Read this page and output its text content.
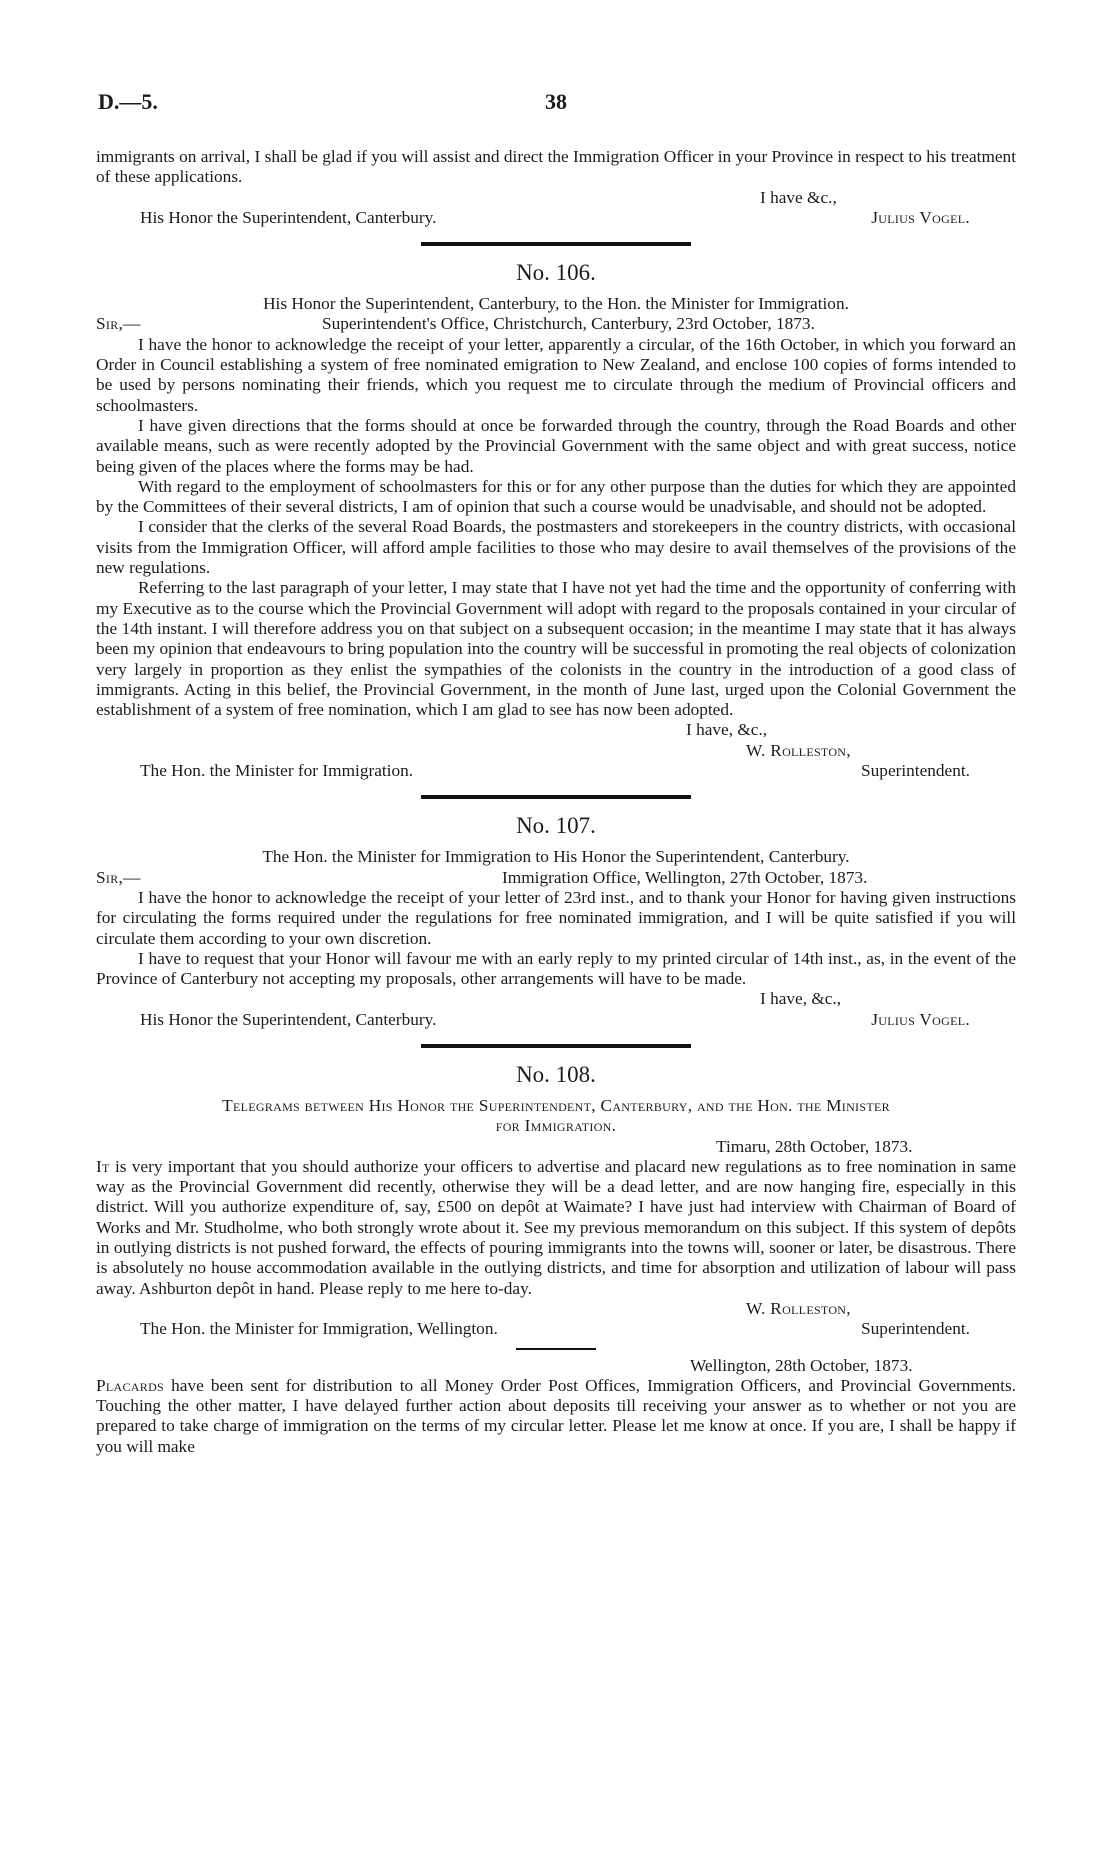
D.—5.	38

immigrants on arrival, I shall be glad if you will assist and direct the Immigration Officer in your Province in respect to his treatment of these applications.

I have &c.,
His Honor the Superintendent, Canterbury.	Julius Vogel.
No. 106.
His Honor the Superintendent, Canterbury, to the Hon. the Minister for Immigration.
Sir,—	Superintendent's Office, Christchurch, Canterbury, 23rd October, 1873.

I have the honor to acknowledge the receipt of your letter, apparently a circular, of the 16th October, in which you forward an Order in Council establishing a system of free nominated emigration to New Zealand, and enclose 100 copies of forms intended to be used by persons nominating their friends, which you request me to circulate through the medium of Provincial officers and schoolmasters.

I have given directions that the forms should at once be forwarded through the country, through the Road Boards and other available means, such as were recently adopted by the Provincial Government with the same object and with great success, notice being given of the places where the forms may be had.

With regard to the employment of schoolmasters for this or for any other purpose than the duties for which they are appointed by the Committees of their several districts, I am of opinion that such a course would be unadvisable, and should not be adopted.

I consider that the clerks of the several Road Boards, the postmasters and storekeepers in the country districts, with occasional visits from the Immigration Officer, will afford ample facilities to those who may desire to avail themselves of the provisions of the new regulations.

Referring to the last paragraph of your letter, I may state that I have not yet had the time and the opportunity of conferring with my Executive as to the course which the Provincial Government will adopt with regard to the proposals contained in your circular of the 14th instant. I will therefore address you on that subject on a subsequent occasion; in the meantime I may state that it has always been my opinion that endeavours to bring population into the country will be successful in promoting the real objects of colonization very largely in proportion as they enlist the sympathies of the colonists in the country in the introduction of a good class of immigrants. Acting in this belief, the Provincial Government, in the month of June last, urged upon the Colonial Government the establishment of a system of free nomination, which I am glad to see has now been adopted.

I have, &c.,
W. Rolleston,
The Hon. the Minister for Immigration.	Superintendent.
No. 107.
The Hon. the Minister for Immigration to His Honor the Superintendent, Canterbury.
Sir,—	Immigration Office, Wellington, 27th October, 1873.

I have the honor to acknowledge the receipt of your letter of 23rd inst., and to thank your Honor for having given instructions for circulating the forms required under the regulations for free nominated immigration, and I will be quite satisfied if you will circulate them according to your own discretion.

I have to request that your Honor will favour me with an early reply to my printed circular of 14th inst., as, in the event of the Province of Canterbury not accepting my proposals, other arrangements will have to be made.

I have, &c.,
His Honor the Superintendent, Canterbury.	Julius Vogel.
No. 108.
Telegrams between His Honor the Superintendent, Canterbury, and the Hon. the Minister
for Immigration.
Timaru, 28th October, 1873.

It is very important that you should authorize your officers to advertise and placard new regulations as to free nomination in same way as the Provincial Government did recently, otherwise they will be a dead letter, and are now hanging fire, especially in this district. Will you authorize expenditure of, say, £500 on depôt at Waimate? I have just had interview with Chairman of Board of Works and Mr. Studholme, who both strongly wrote about it. See my previous memorandum on this subject. If this system of depôts in outlying districts is not pushed forward, the effects of pouring immigrants into the towns will, sooner or later, be disastrous. There is absolutely no house accommodation available in the outlying districts, and time for absorption and utilization of labour will pass away. Ashburton depôt in hand. Please reply to me here to-day.

W. Rolleston,
The Hon. the Minister for Immigration, Wellington.	Superintendent.
Wellington, 28th October, 1873.

Placards have been sent for distribution to all Money Order Post Offices, Immigration Officers, and Provincial Governments. Touching the other matter, I have delayed further action about deposits till receiving your answer as to whether or not you are prepared to take charge of immigration on the terms of my circular letter. Please let me know at once. If you are, I shall be happy if you will make
